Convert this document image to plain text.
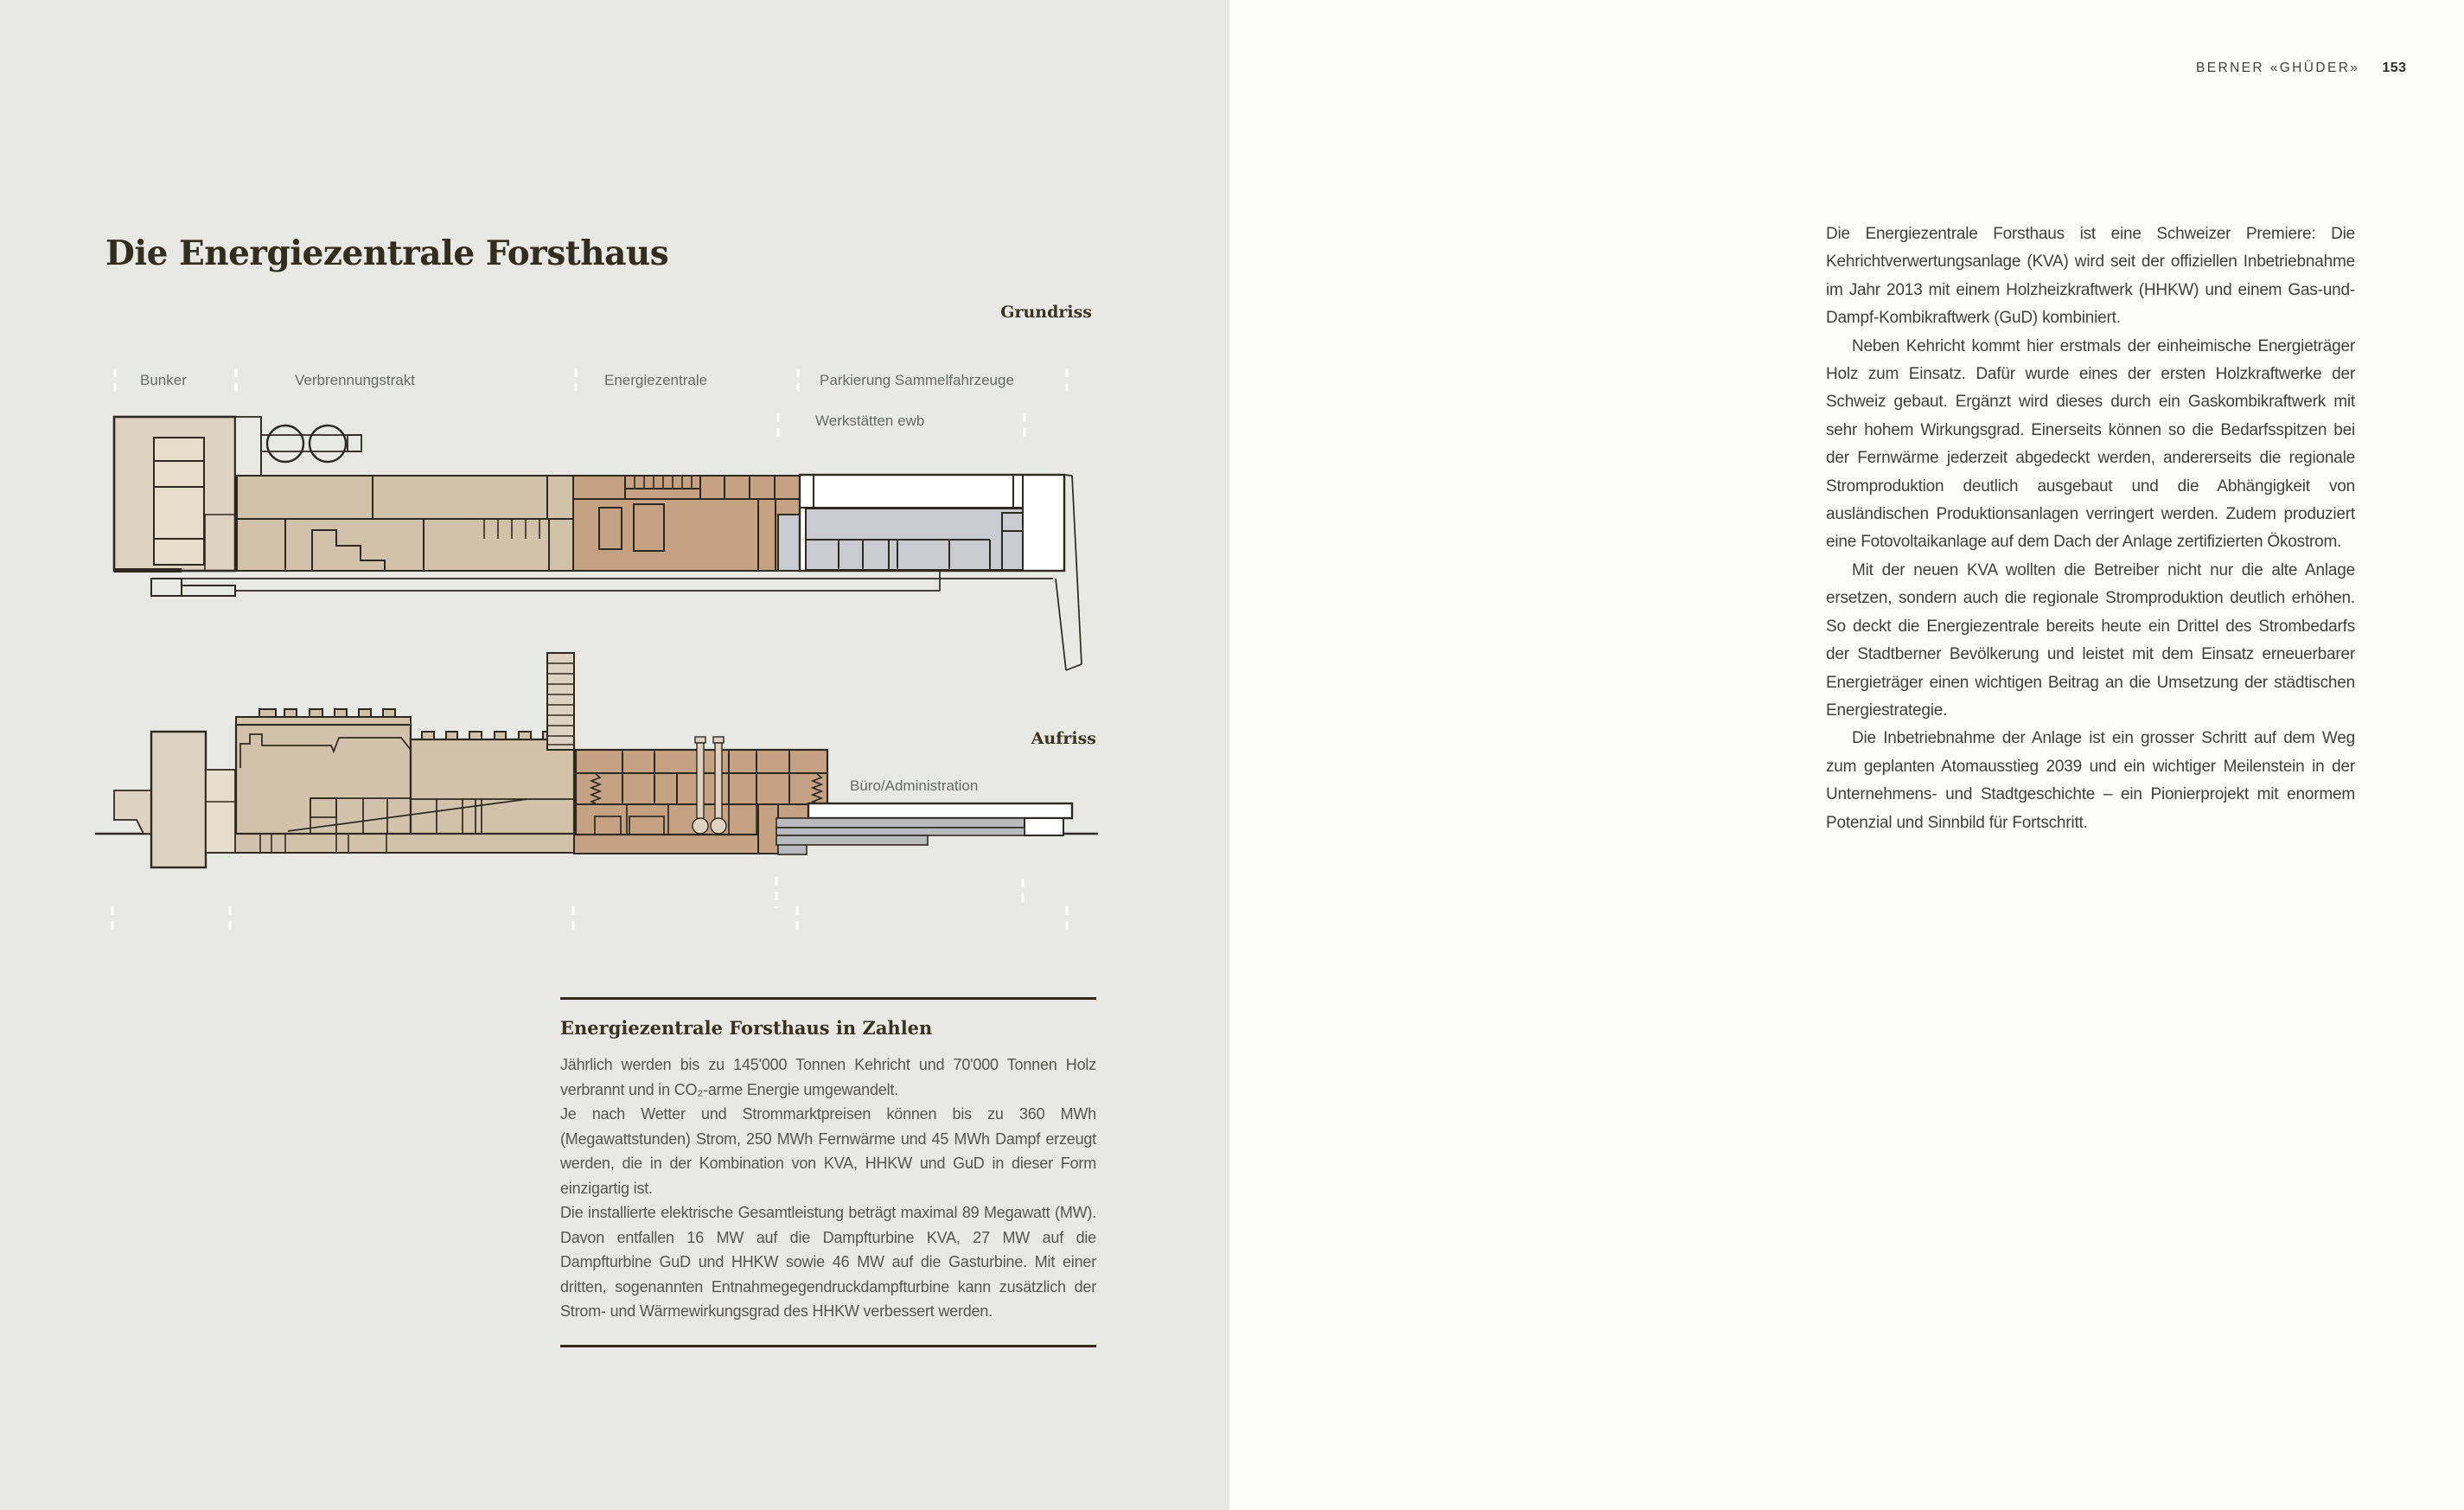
BERNER «GHÜDER» 153
Die Energiezentrale Forsthaus
Bunker	Verbrennungstrakt	Energiezentrale	Parkierung Sammelfahrzeuge
Werkstätten ewb
Büro/Administration
Grundriss
Aufriss
Energiezentrale Forsthaus in Zahlen

Jährlich werden bis zu 145'000 Tonnen Kehricht und 70'000 Tonnen Holz verbrannt und in CO₂-arme Energie umgewandelt.

Je nach Wetter und Strommarktpreisen können bis zu 360 MWh (Megawattstunden) Strom, 250 MWh Fernwärme und 45 MWh Dampf erzeugt werden, die in der Kombination von KVA, HHKW und GuD in dieser Form einzigartig ist.

Die installierte elektrische Gesamtleistung beträgt maximal 89 Megawatt (MW). Davon entfallen 16 MW auf die Dampfturbine KVA, 27 MW auf die Dampfturbine GuD und HHKW sowie 46 MW auf die Gasturbine. Mit einer dritten, sogenannten Entnahmegegendruckdampfturbine kann zusätzlich der Strom- und Wärmewirkungsgrad des HHKW verbessert werden.

Die Energiezentrale Forsthaus ist eine Schweizer Premiere: Die Kehrichtverwertungsanlage (KVA) wird seit der offiziellen Inbetriebnahme im Jahr 2013 mit einem Holzheizkraftwerk (HHKW) und einem Gas-und-Dampf-Kombikraftwerk (GuD) kombiniert.

Neben Kehricht kommt hier erstmals der einheimische Energieträger Holz zum Einsatz. Dafür wurde eines der ersten Holzkraftwerke der Schweiz gebaut. Ergänzt wird dieses durch ein Gaskombikraftwerk mit sehr hohem Wirkungsgrad. Einerseits können so die Bedarfsspitzen bei der Fernwärme jederzeit abgedeckt werden, andererseits die regionale Stromproduktion deutlich ausgebaut und die Abhängigkeit von ausländischen Produktionsanlagen verringert werden. Zudem produziert eine Fotovoltaikanlage auf dem Dach der Anlage zertifizierten Ökostrom.

Mit der neuen KVA wollten die Betreiber nicht nur die alte Anlage ersetzen, sondern auch die regionale Stromproduktion deutlich erhöhen. So deckt die Energiezentrale bereits heute ein Drittel des Strombedarfs der Stadtberner Bevölkerung und leistet mit dem Einsatz erneuerbarer Energieträger einen wichtigen Beitrag an die Umsetzung der städtischen Energiestrategie.

Die Inbetriebnahme der Anlage ist ein grosser Schritt auf dem Weg zum geplanten Atomausstieg 2039 und ein wichtiger Meilenstein in der Unternehmens- und Stadtgeschichte – ein Pionierprojekt mit enormem Potenzial und Sinnbild für Fortschritt.
